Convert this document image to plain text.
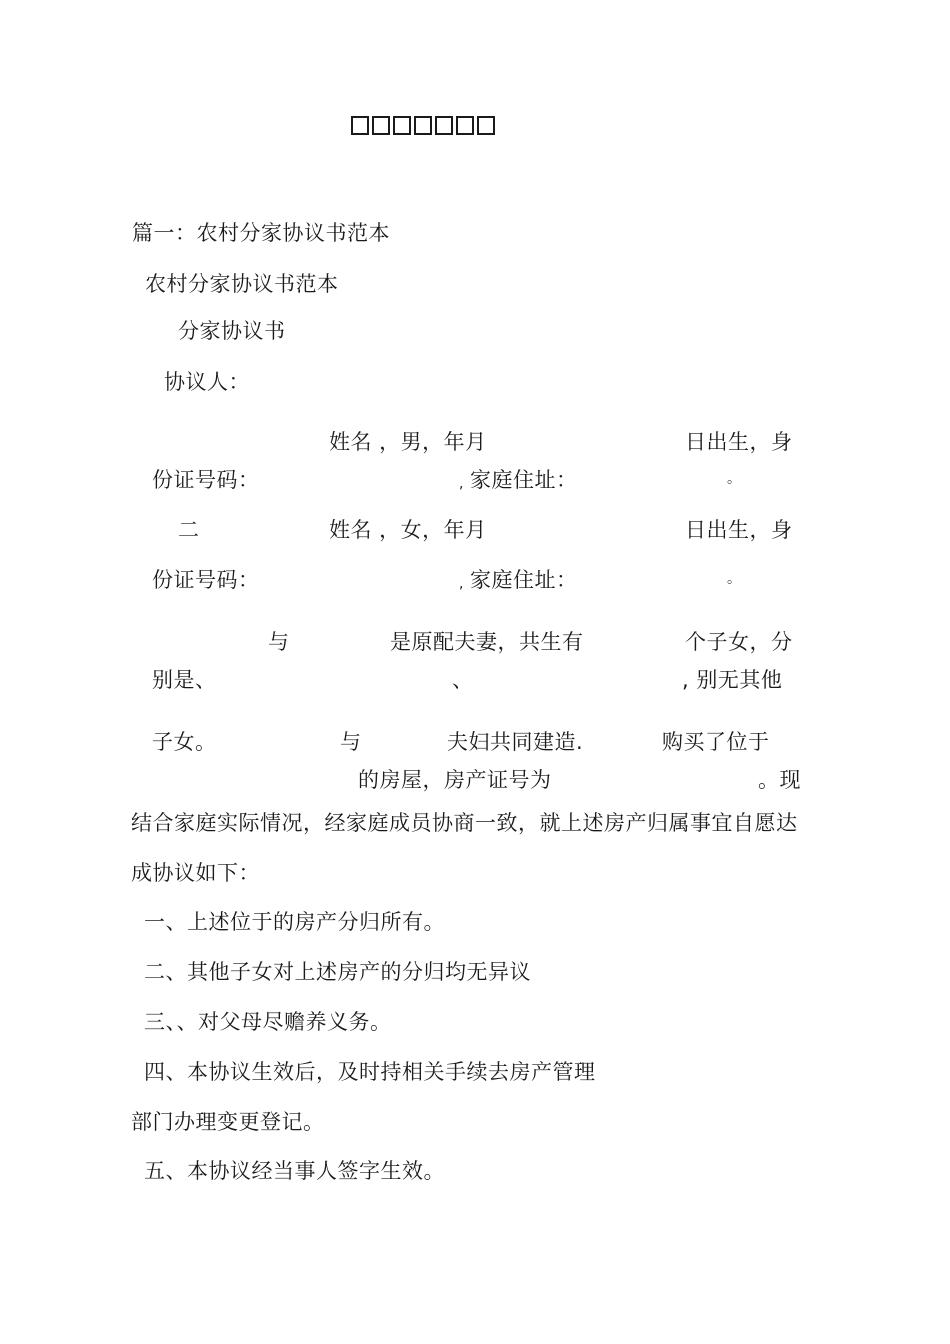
篇一：农村分家协议书范本
农村分家协议书范本
分家协议书
协议人：
姓名 ，男，年月	日出生，身
份证号码：	, 家庭住址：	。
二	姓名 ，女，年月	日出生，身
份证号码：	, 家庭住址：	。
与	是原配夫妻，共生有	个子女，分
别是、	、	, 别无其他
子女。	与	夫妇共同建造.	购买了位于
的房屋，房产证号为	。现
结合家庭实际情况，经家庭成员协商一致，就上述房产归属事宜自愿达
成协议如下：
一、上述位于的房产分归所有。
二、其他子女对上述房产的分归均无异议
三、、对父母尽赡养义务。
四、本协议生效后，及时持相关手续去房产管理
部门办理变更登记。
五、本协议经当事人签字生效。
